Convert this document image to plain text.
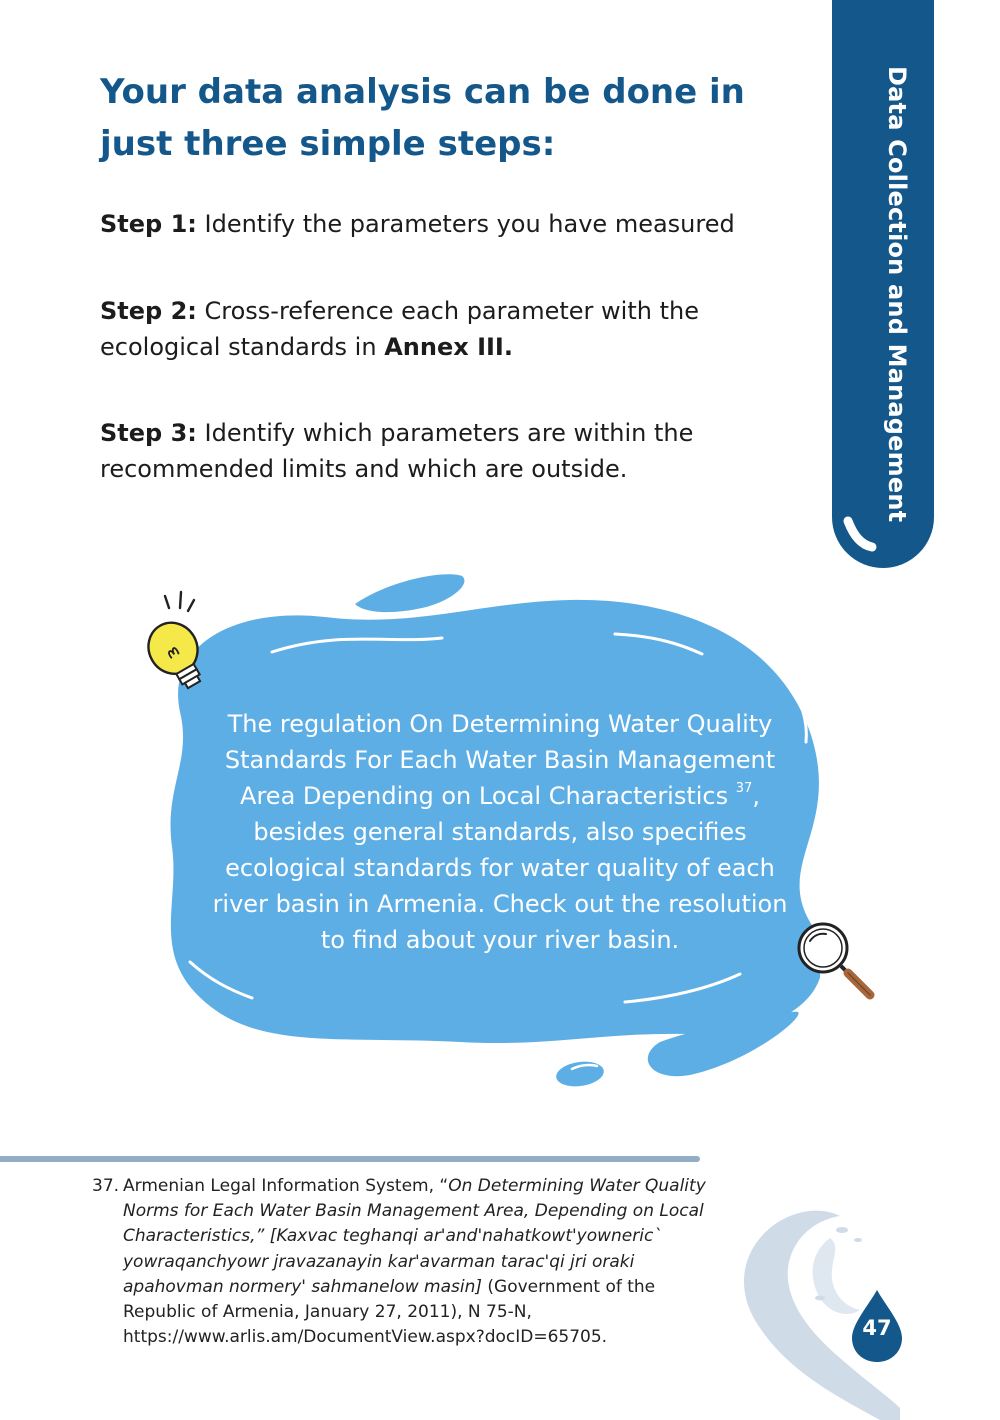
Data Collection and Management
Your data analysis can be done in just three simple steps:

Step 1: Identify the parameters you have measured

Step 2: Cross-reference each parameter with the ecological standards in Annex III.

Step 3: Identify which parameters are within the recommended limits and which are outside.

The regulation On Determining Water Quality Standards For Each Water Basin Management Area Depending on Local Characteristics $^{37}$, besides general standards, also specifies ecological standards for water quality of each river basin in Armenia. Check out the resolution to find about your river basin.

37. Armenian Legal Information System, “On Determining Water Quality Norms for Each Water Basin Management Area, Depending on Local Characteristics,” [Kaxvac teghanqi ar'and'nahatkowt'yowneric` yowraqanchyowr jravazanayin kar'avarman tarac'qi jri oraki apahovman normery' sahmanelow masin] (Government of the Republic of Armenia, January 27, 2011), N 75-N, https://www.arlis.am/DocumentView.aspx?docID=65705.	47
